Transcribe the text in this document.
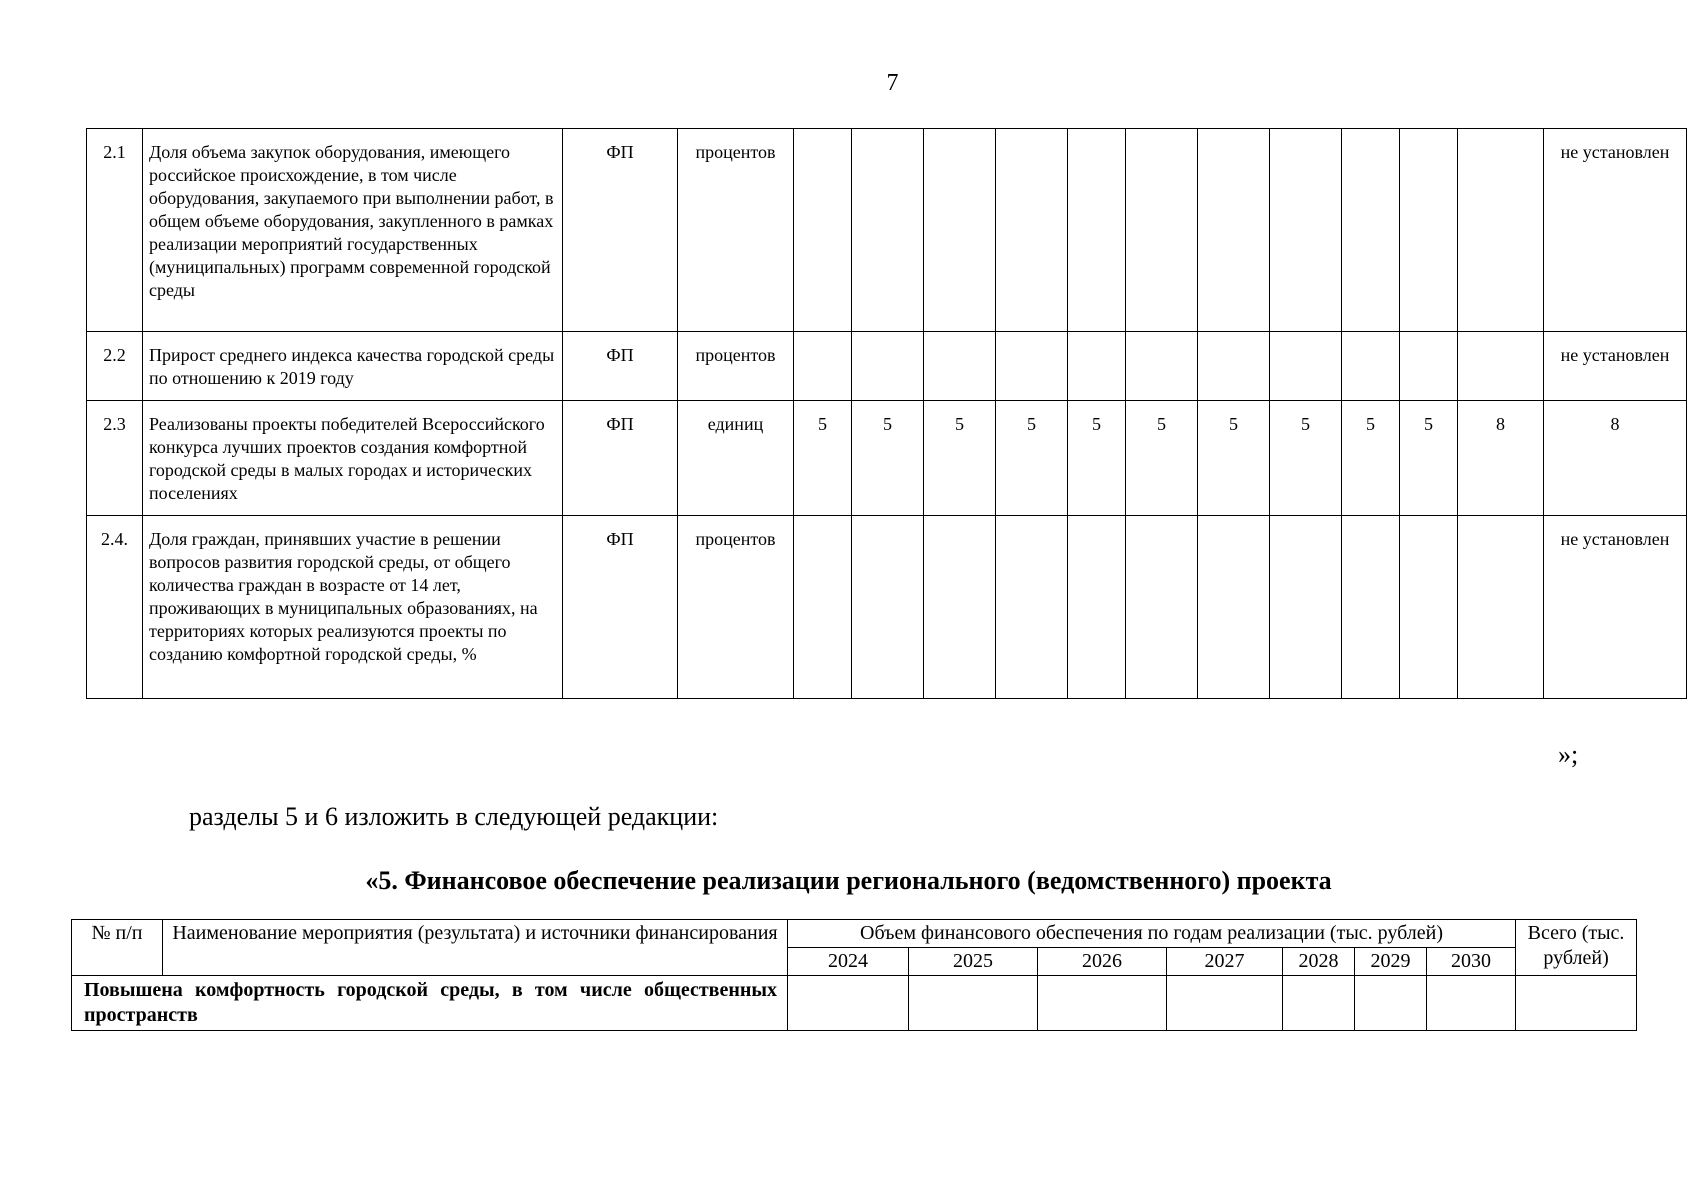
7
2.1	Доля объема закупок оборудования, имеющего российское происхождение, в том числе оборудования, закупаемого при выполнении работ, в общем объеме оборудования, закупленного в рамках реализации мероприятий государственных (муниципальных) программ современной городской среды	ФП	процентов												не установлен
2.2	Прирост среднего индекса качества городской среды по отношению к 2019 году	ФП	процентов												не установлен
2.3	Реализованы проекты победителей Всероссийского конкурса лучших проектов создания комфортной городской среды в малых городах и исторических поселениях	ФП	единиц	5	5	5	5	5	5	5	5	5	5	8	8
2.4.	Доля граждан, принявших участие в решении вопросов развития городской среды, от общего количества граждан в возрасте от 14 лет, проживающих в муниципальных образованиях, на территориях которых реализуются проекты по созданию комфортной городской среды, %	ФП	процентов												не установлен
»;
разделы 5 и 6 изложить в следующей редакции:
«5. Финансовое обеспечение реализации регионального (ведомственного) проекта
№ п/п	Наименование мероприятия (результата) и источники финансирования	Объем финансового обеспечения по годам реализации (тыс. рублей)							Всего (тыс. рублей)
		2024	2025	2026	2027	2028	2029	2030	
Повышена комфортность городской среды, в том числе общественных пространств									
